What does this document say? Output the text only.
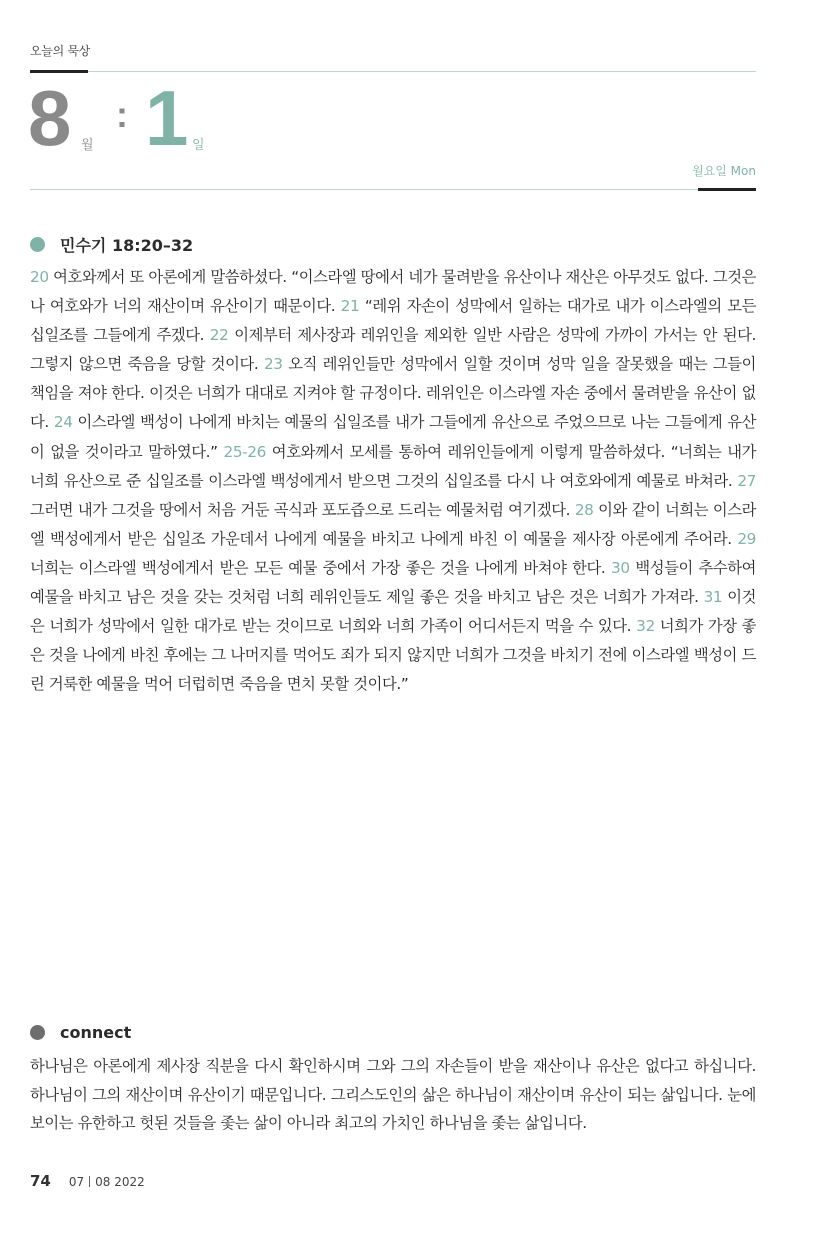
오늘의 묵상
8 월
: 1 일
월요일 Mon
민수기 18:20–32

20 여호와께서 또 아론에게 말씀하셨다. “이스라엘 땅에서 네가 물려받을 유산이나 재산은 아무것도 없다. 그것은 나 여호와가 너의 재산이며 유산이기 때문이다. 21 “레위 자손이 성막에서 일하는 대가로 내가 이스라엘의 모든 십일조를 그들에게 주겠다. 22 이제부터 제사장과 레위인을 제외한 일반 사람은 성막에 가까이 가서는 안 된다. 그렇지 않으면 죽음을 당할 것이다. 23 오직 레위인들만 성막에서 일할 것이며 성막 일을 잘못했을 때는 그들이 책임을 져야 한다. 이것은 너희가 대대로 지켜야 할 규정이다. 레위인은 이스라엘 자손 중에서 물려받을 유산이 없다. 24 이스라엘 백성이 나에게 바치는 예물의 십일조를 내가 그들에게 유산으로 주었으므로 나는 그들에게 유산이 없을 것이라고 말하였다.” 25-26 여호와께서 모세를 통하여 레위인들에게 이렇게 말씀하셨다. “너희는 내가 너희 유산으로 준 십일조를 이스라엘 백성에게서 받으면 그것의 십일조를 다시 나 여호와에게 예물로 바쳐라. 27 그러면 내가 그것을 땅에서 처음 거둔 곡식과 포도즙으로 드리는 예물처럼 여기겠다. 28 이와 같이 너희는 이스라엘 백성에게서 받은 십일조 가운데서 나에게 예물을 바치고 나에게 바친 이 예물을 제사장 아론에게 주어라. 29 너희는 이스라엘 백성에게서 받은 모든 예물 중에서 가장 좋은 것을 나에게 바쳐야 한다. 30 백성들이 추수하여 예물을 바치고 남은 것을 갖는 것처럼 너희 레위인들도 제일 좋은 것을 바치고 남은 것은 너희가 가져라. 31 이것은 너희가 성막에서 일한 대가로 받는 것이므로 너희와 너희 가족이 어디서든지 먹을 수 있다. 32 너희가 가장 좋은 것을 나에게 바친 후에는 그 나머지를 먹어도 죄가 되지 않지만 너희가 그것을 바치기 전에 이스라엘 백성이 드린 거룩한 예물을 먹어 더럽히면 죽음을 면치 못할 것이다.”

connect

하나님은 아론에게 제사장 직분을 다시 확인하시며 그와 그의 자손들이 받을 재산이나 유산은 없다고 하십니다. 하나님이 그의 재산이며 유산이기 때문입니다. 그리스도인의 삶은 하나님이 재산이며 유산이 되는 삶입니다. 눈에 보이는 유한하고 헛된 것들을 좇는 삶이 아니라 최고의 가치인 하나님을 좇는 삶입니다.

74 07 08 2022
